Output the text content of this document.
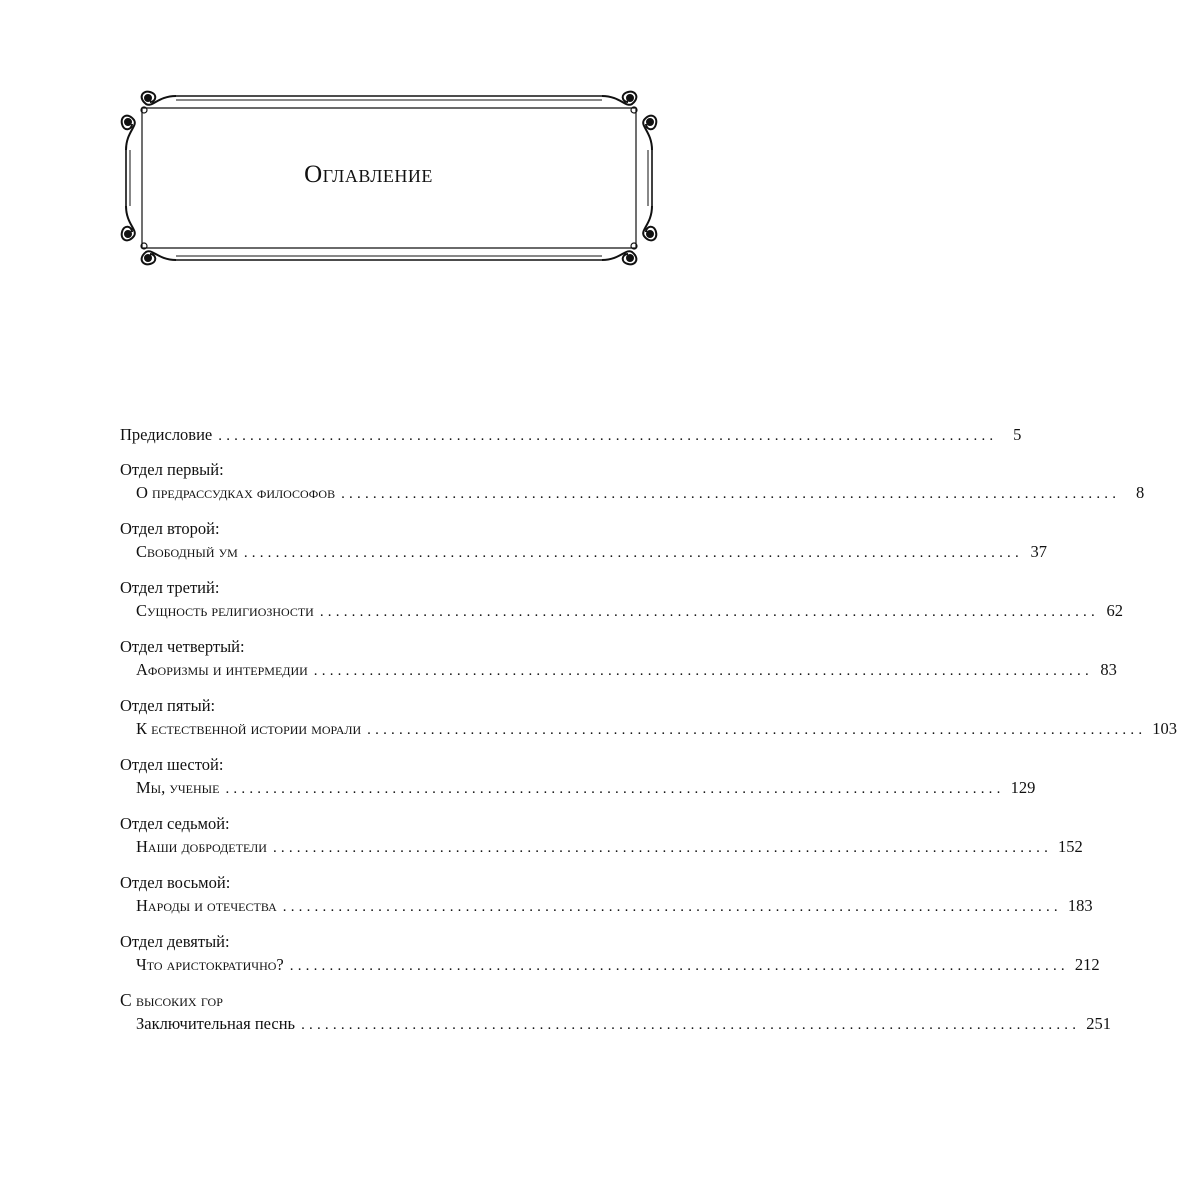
Оглавление
Предисловие .................................................................................................. 5
Отдел первый:
О предрассудках философов .................................................................................................. 8
Отдел второй:
Свободный ум .................................................................................................. 37
Отдел третий:
Сущность религиозности .................................................................................................. 62
Отдел четвертый:
Афоризмы и интермедии .................................................................................................. 83
Отдел пятый:
К естественной истории морали .................................................................................................. 103
Отдел шестой:
Мы, ученые .................................................................................................. 129
Отдел седьмой:
Наши добродетели .................................................................................................. 152
Отдел восьмой:
Народы и отечества .................................................................................................. 183
Отдел девятый:
Что аристократично? .................................................................................................. 212
С высоких гор
Заключительная песнь .................................................................................................. 251
